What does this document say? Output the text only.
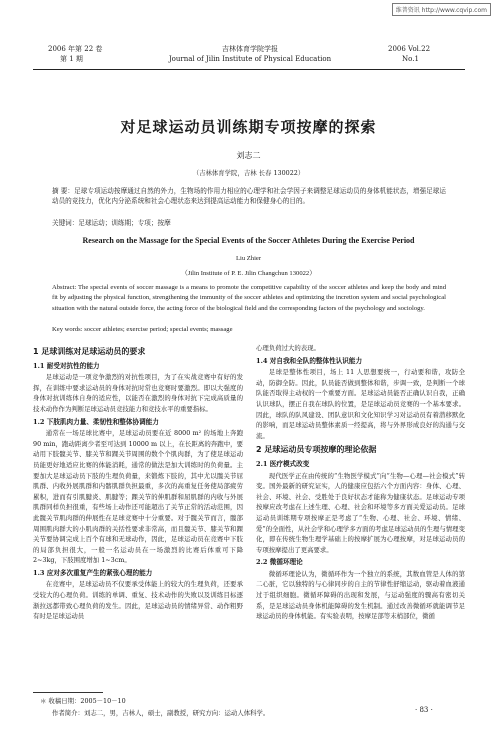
维普资讯 http://www.cqvip.com
2006 年第 22 卷
第 1 期
吉林体育学院学报
Journal of Jilin Institute of Physical Education
2006 Vol.22
No.1
对足球运动员训练期专项按摩的探索
刘志二
（吉林体育学院，吉林 长春 130022）
摘 要：足球专项运动按摩通过自然的外力，生物场的作用力相应的心理学和社会学因子来调整足球运动员的身体机能状态，增强足球运动员的竞技力，优化内分泌系统和社会心理状态来达到提高运动能力和保健身心的目的。
关键词：足球运动；训练期；专项；按摩
Research on the Massage for the Special Events of the Soccer Athletes During the Exercise Period
Liu Zhier
（Jilin Institute of P. E. Jilin Changchun 130022）
Abstract: The special events of soccer massage is a means to promote the competitive capability of the soccer athletes and keep the body and mind fit by adjusting the physical function, strengthening the immunity of the soccer athletes and optimizing the incretion system and social psychological situation with the natural outside force, the acting force of the biological field and the corresponding factors of the psychology and sociology.
Key words: soccer athletes; exercise period; special events; massage
1 足球训练对足球运动员的要求
1.1 耐受对抗性的能力

足球运动是一项竞争激烈的对抗性项目，为了在实战竞赛中有好的发挥，在训练中要求运动员的身体对抗时常也竞赛时要激烈。即以大强度的身体对抗训练体自身的适应性，以能否在激烈的身体对抗下完成高质量的技术动作作为判断足球运动员竞技能力和竞技水平的重要指标。

1.2 下肢肌肉力量、柔韧性和整体协调能力

通常在一场足球比赛中，足球运动员要在近 8000 m² 的场地上奔跑 90 min，跑动距离少者至可达到 10000 m 以上，在长距离的奔跑中，要动用下肢髋关节、膝关节和踝关节周围的数个个肌肉群，为了使足球运动员能更好地适应比赛的体能消耗，通常的做法是加大训练时的负荷量。主要加大足球运动员下肢的生理负荷量，来锻炼下肢的，其中尤以髋关节屈肌群、内收外展肌群和内髂肌群负担最重，多次的高重复任务使局部疲劳累积，进而有引肌腱炎、肌腱等；踝关节的伸肌群和屈肌群的内收与外展肌群同样负担很重，有些场上动作还可能超出了关节正常的活动范围，因此髋关节肌肉群的伸展性在足球竞赛中十分重要。对于髋关节而言，髋部周围肌肉群大的小肌肉群的关括性要求非常高，而且髋关节、膝关节和踝关节要协调完成上百个有球和无球动作，因此，足球运动员在竞赛中下肢的局部负担很大，一般一名运动员在一场激烈的比赛后体重可下降 2~3kg，下肢围度增加 1~3cm。

1.3 应对多次重复产生的紧张心理的能力

在竞赛中，足球运动员不仅要承受体能上的较大的生理负荷，还要承受较大的心理负荷。训练的单调、重复、技术动作的失败以及训练目标逐渐拉远都带致心理负荷的发生。因此，足球运动员的情绪异常、动作粗野有时是足球运动员

＊ 收稿日期：2005－10－10
作者简介：刘志二，男，吉林人，硕士，副教授，研究方向：运动人体科学。

心理负荷过大的表现。

1.4 对自我和全队的整体性认识能力

足球是整体性项目，场上 11 人思想要统一，行动要和谐，攻防全动，防御全防。因此，队员能否做到整体和谐，步调一致，是判断一个球队能否取得主动权的一个重要方面。足球运动员能否正确认识自我，正确认识球队，摆正自我在球队的位置，是足球运动员竞赛的一个基本要求。因此，球队的队风建设、团队意识和文化知识学习对运动员有着潜移默化的影响，而足球运动员整体素质一经提高，将与外界形成良好的沟通与交流。

2 足球运动员专项按摩的理论依据
2.1 医疗模式改变

现代医学正在由传统的“生物医学模式”向“生物—心理—社会模式”转变。国外最新的研究证实，人的健康应包括六个方面内容：身体、心理、社会、环境、社会、受胜处于良好状态才能称为健康状态。足球运动专项按摩应改考虑在上述生理、心理、社会和环境等多方面关爱运动员。足球运动员训练期专项按摩正是考虑了“生物、心理、社会、环境、情绪、爱”的全面性，从社会学和心理学多方面的考虑足球运动员的生理与情理变化，即在传统生物生理学基础上的按摩扩展为心理按摩，对足球运动员的专项按摩提出了更高要求。

2.2 微循环理论

微循环理论认为，微循环作为一个独立的系统，其数血管是人体的第二心脏，它以独特的与心律同步的自主的节律性舒缩运动，驱动着血液通过于组织细胞。微循环障碍的出现和发展，与运动强度的骤高有密切关系，是足球运动员身体机能障碍的发生机制。通过改善微循环就能调节足球运动员的身体机能。有实验表明，按摩足部等末梢部位，微循

· 83 ·
